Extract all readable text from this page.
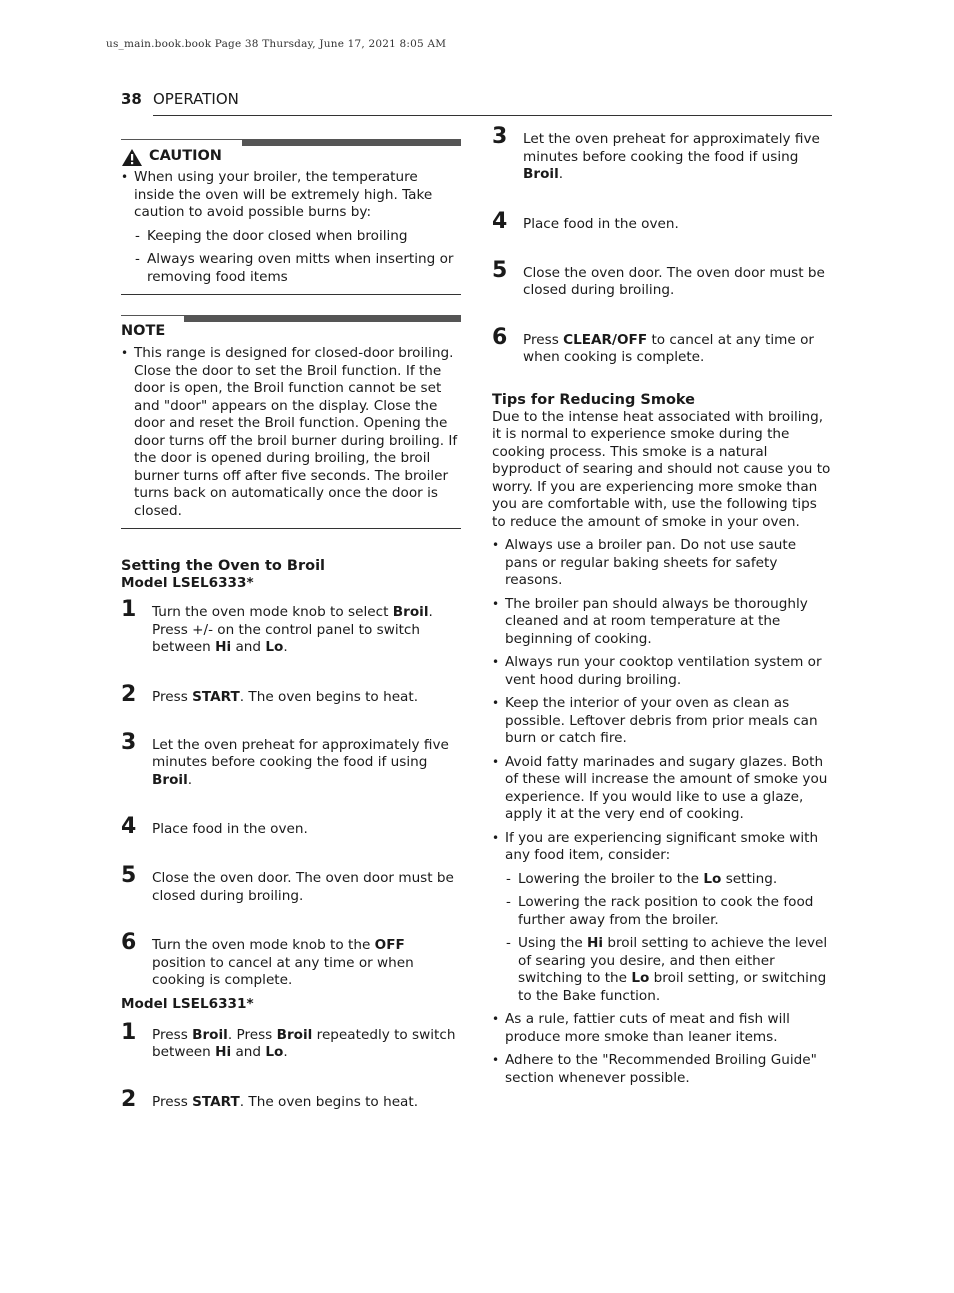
us_main.book.book Page 38 Thursday, June 17, 2021 8:05 AM
38 OPERATION
CAUTION
• When using your broiler, the temperature inside the oven will be extremely high. Take caution to avoid possible burns by:
- Keeping the door closed when broiling
- Always wearing oven mitts when inserting or removing food items
NOTE
• This range is designed for closed-door broiling. Close the door to set the Broil function. If the door is open, the Broil function cannot be set and "door" appears on the display. Close the door and reset the Broil function. Opening the door turns off the broil burner during broiling. If the door is opened during broiling, the broil burner turns off after five seconds. The broiler turns back on automatically once the door is closed.
Setting the Oven to Broil
Model LSEL6333*
1 Turn the oven mode knob to select Broil. Press +/- on the control panel to switch between Hi and Lo.
2 Press START. The oven begins to heat.
3 Let the oven preheat for approximately five minutes before cooking the food if using Broil.
4 Place food in the oven.
5 Close the oven door. The oven door must be closed during broiling.
6 Turn the oven mode knob to the OFF position to cancel at any time or when cooking is complete.
Model LSEL6331*
1 Press Broil. Press Broil repeatedly to switch between Hi and Lo.
2 Press START. The oven begins to heat.
3 Let the oven preheat for approximately five minutes before cooking the food if using Broil.
4 Place food in the oven.
5 Close the oven door. The oven door must be closed during broiling.
6 Press CLEAR/OFF to cancel at any time or when cooking is complete.
Tips for Reducing Smoke
Due to the intense heat associated with broiling, it is normal to experience smoke during the cooking process. This smoke is a natural byproduct of searing and should not cause you to worry. If you are experiencing more smoke than you are comfortable with, use the following tips to reduce the amount of smoke in your oven.
• Always use a broiler pan. Do not use saute pans or regular baking sheets for safety reasons.
• The broiler pan should always be thoroughly cleaned and at room temperature at the beginning of cooking.
• Always run your cooktop ventilation system or vent hood during broiling.
• Keep the interior of your oven as clean as possible. Leftover debris from prior meals can burn or catch fire.
• Avoid fatty marinades and sugary glazes. Both of these will increase the amount of smoke you experience. If you would like to use a glaze, apply it at the very end of cooking.
• If you are experiencing significant smoke with any food item, consider:
- Lowering the broiler to the Lo setting.
- Lowering the rack position to cook the food further away from the broiler.
- Using the Hi broil setting to achieve the level of searing you desire, and then either switching to the Lo broil setting, or switching to the Bake function.
• As a rule, fattier cuts of meat and fish will produce more smoke than leaner items.
• Adhere to the "Recommended Broiling Guide" section whenever possible.
